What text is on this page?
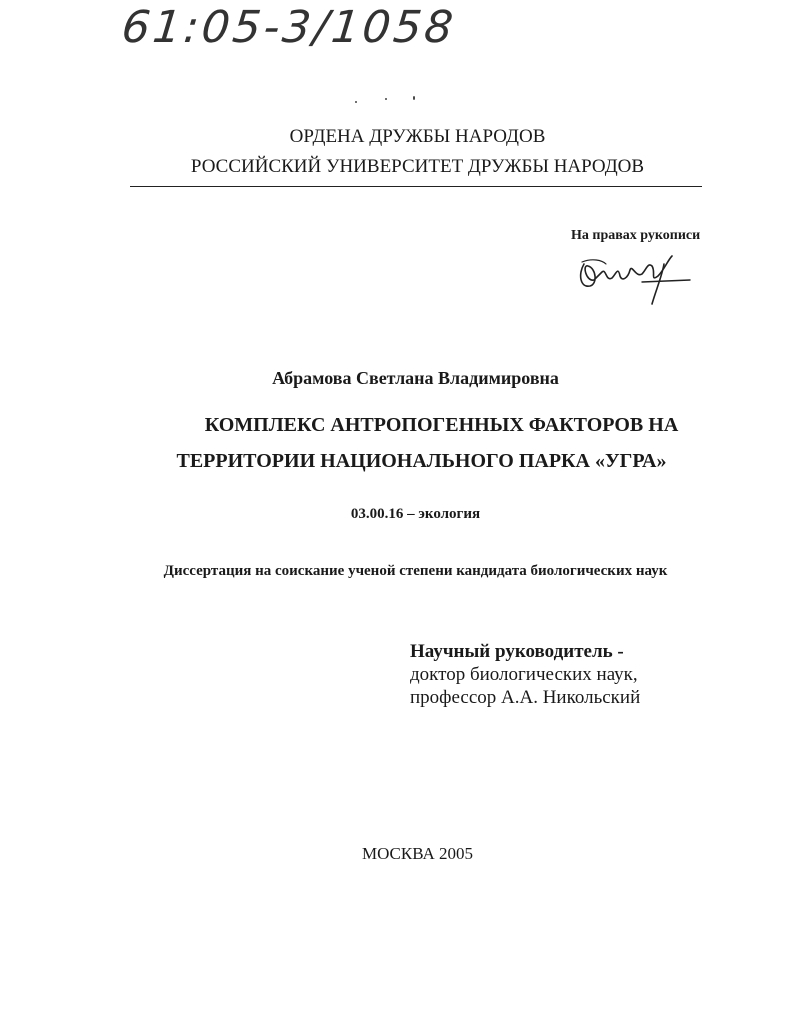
61:05-3/1058
ОРДЕНА ДРУЖБЫ НАРОДОВ
РОССИЙСКИЙ УНИВЕРСИТЕТ ДРУЖБЫ НАРОДОВ
На правах рукописи
Абрамова Светлана Владимировна
КОМПЛЕКС АНТРОПОГЕННЫХ ФАКТОРОВ НА
ТЕРРИТОРИИ НАЦИОНАЛЬНОГО ПАРКА «УГРА»
03.00.16 – экология
Диссертация на соискание ученой степени кандидата биологических наук
Научный руководитель -
доктор биологических наук,
профессор А.А. Никольский
МОСКВА 2005
